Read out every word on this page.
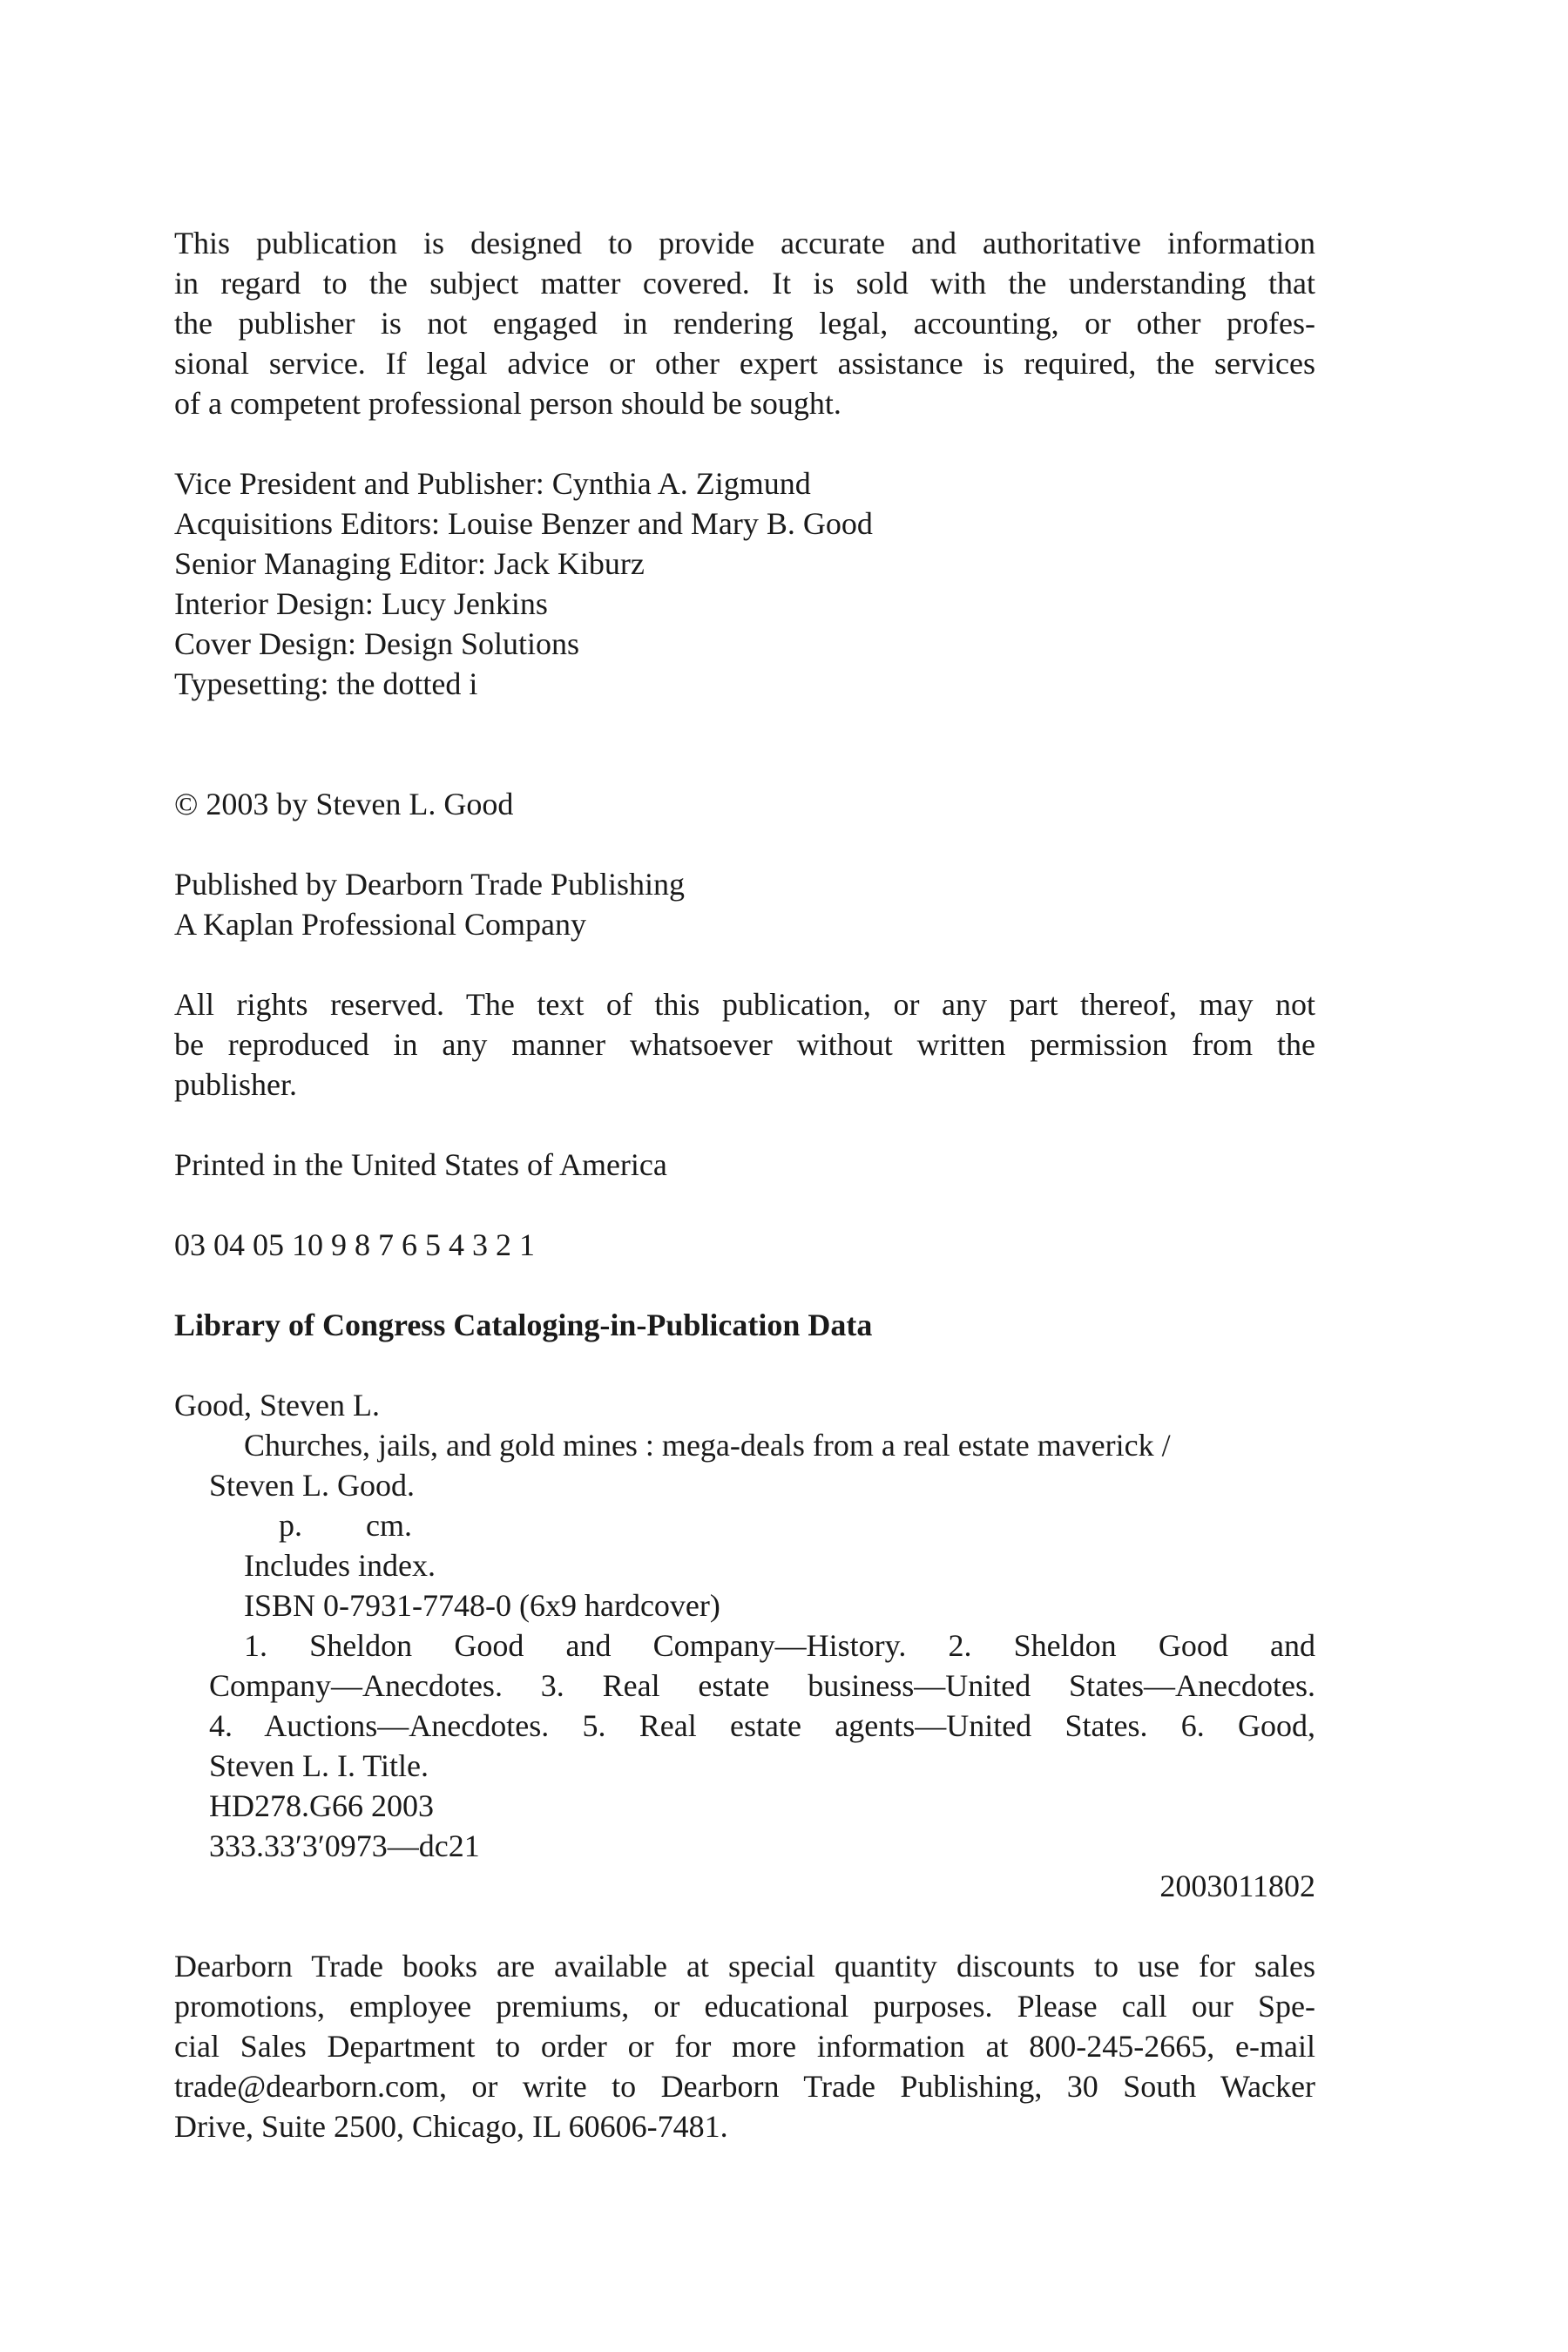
This publication is designed to provide accurate and authoritative information
in regard to the subject matter covered. It is sold with the understanding that
the publisher is not engaged in rendering legal, accounting, or other profes-
sional service. If legal advice or other expert assistance is required, the services
of a competent professional person should be sought.
Vice President and Publisher: Cynthia A. Zigmund
Acquisitions Editors: Louise Benzer and Mary B. Good
Senior Managing Editor: Jack Kiburz
Interior Design: Lucy Jenkins
Cover Design: Design Solutions
Typesetting: the dotted i
© 2003 by Steven L. Good
Published by Dearborn Trade Publishing
A Kaplan Professional Company
All rights reserved. The text of this publication, or any part thereof, may not
be reproduced in any manner whatsoever without written permission from the
publisher.
Printed in the United States of America
03 04 05 10 9 8 7 6 5 4 3 2 1
Library of Congress Cataloging-in-Publication Data
Good, Steven L.
Churches, jails, and gold mines : mega-deals from a real estate maverick /
Steven L. Good.
p. cm.
Includes index.
ISBN 0-7931-7748-0 (6x9 hardcover)
1. Sheldon Good and Company—History. 2. Sheldon Good and
Company—Anecdotes. 3. Real estate business—United States—Anecdotes.
4. Auctions—Anecdotes. 5. Real estate agents—United States. 6. Good,
Steven L. I. Title.
HD278.G66 2003
333.33′3′0973—dc21
2003011802
Dearborn Trade books are available at special quantity discounts to use for sales
promotions, employee premiums, or educational purposes. Please call our Spe-
cial Sales Department to order or for more information at 800-245-2665, e-mail
trade@dearborn.com, or write to Dearborn Trade Publishing, 30 South Wacker
Drive, Suite 2500, Chicago, IL 60606-7481.
